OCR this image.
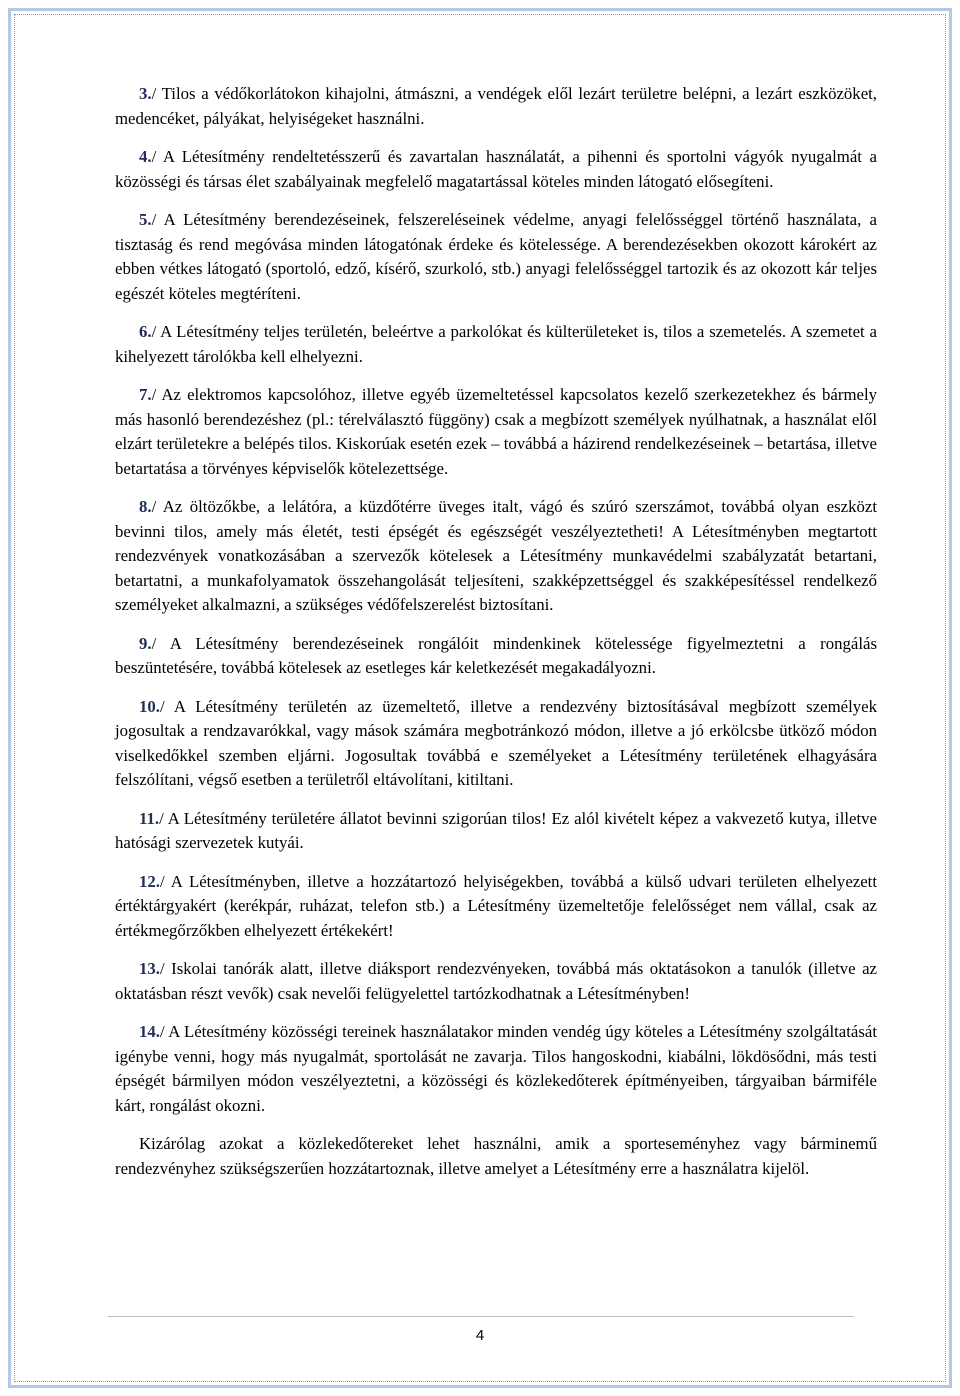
3./ Tilos a védőkorlátokon kihajolni, átmászni, a vendégek elől lezárt területre belépni, a lezárt eszközöket, medencéket, pályákat, helyiségeket használni.

4./ A Létesítmény rendeltetésszerű és zavartalan használatát, a pihenni és sportolni vágyók nyugalmát a közösségi és társas élet szabályainak megfelelő magatartással köteles minden látogató elősegíteni.

5./ A Létesítmény berendezéseinek, felszereléseinek védelme, anyagi felelősséggel történő használata, a tisztaság és rend megóvása minden látogatónak érdeke és kötelessége. A berendezésekben okozott károkért az ebben vétkes látogató (sportoló, edző, kísérő, szurkoló, stb.) anyagi felelősséggel tartozik és az okozott kár teljes egészét köteles megtéríteni.

6./ A Létesítmény teljes területén, beleértve a parkolókat és külterületeket is, tilos a szemetelés. A szemetet a kihelyezett tárolókba kell elhelyezni.

7./ Az elektromos kapcsolóhoz, illetve egyéb üzemeltetéssel kapcsolatos kezelő szerkezetekhez és bármely más hasonló berendezéshez (pl.: térelválasztó függöny) csak a megbízott személyek nyúlhatnak, a használat elől elzárt területekre a belépés tilos. Kiskorúak esetén ezek – továbbá a házirend rendelkezéseinek – betartása, illetve betartatása a törvényes képviselők kötelezettsége.

8./ Az öltözőkbe, a lelátóra, a küzdőtérre üveges italt, vágó és szúró szerszámot, továbbá olyan eszközt bevinni tilos, amely más életét, testi épségét és egészségét veszélyeztetheti! A Létesítményben megtartott rendezvények vonatkozásában a szervezők kötelesek a Létesítmény munkavédelmi szabályzatát betartani, betartatni, a munkafolyamatok összehangolását teljesíteni, szakképzettséggel és szakképesítéssel rendelkező személyeket alkalmazni, a szükséges védőfelszerelést biztosítani.

9./ A Létesítmény berendezéseinek rongálóit mindenkinek kötelessége figyelmeztetni a rongálás beszüntetésére, továbbá kötelesek az esetleges kár keletkezését megakadályozni.

10./ A Létesítmény területén az üzemeltető, illetve a rendezvény biztosításával megbízott személyek jogosultak a rendzavarókkal, vagy mások számára megbotránkozó módon, illetve a jó erkölcsbe ütköző módon viselkedőkkel szemben eljárni. Jogosultak továbbá e személyeket a Létesítmény területének elhagyására felszólítani, végső esetben a területről eltávolítani, kitiltani.

11./ A Létesítmény területére állatot bevinni szigorúan tilos! Ez alól kivételt képez a vakvezető kutya, illetve hatósági szervezetek kutyái.

12./ A Létesítményben, illetve a hozzátartozó helyiségekben, továbbá a külső udvari területen elhelyezett értéktárgyakért (kerékpár, ruházat, telefon stb.) a Létesítmény üzemeltetője felelősséget nem vállal, csak az értékmegőrzőkben elhelyezett értékekért!

13./ Iskolai tanórák alatt, illetve diáksport rendezvényeken, továbbá más oktatásokon a tanulók (illetve az oktatásban részt vevők) csak nevelői felügyelettel tartózkodhatnak a Létesítményben!

14./ A Létesítmény közösségi tereinek használatakor minden vendég úgy köteles a Létesítmény szolgáltatását igénybe venni, hogy más nyugalmát, sportolását ne zavarja. Tilos hangoskodni, kiabálni, lökdösődni, más testi épségét bármilyen módon veszélyeztetni, a közösségi és közlekedőterek építményeiben, tárgyaiban bármiféle kárt, rongálást okozni.

Kizárólag azokat a közlekedőtereket lehet használni, amik a sporteseményhez vagy bárminemű rendezvényhez szükségszerűen hozzátartoznak, illetve amelyet a Létesítmény erre a használatra kijelöl.

4
